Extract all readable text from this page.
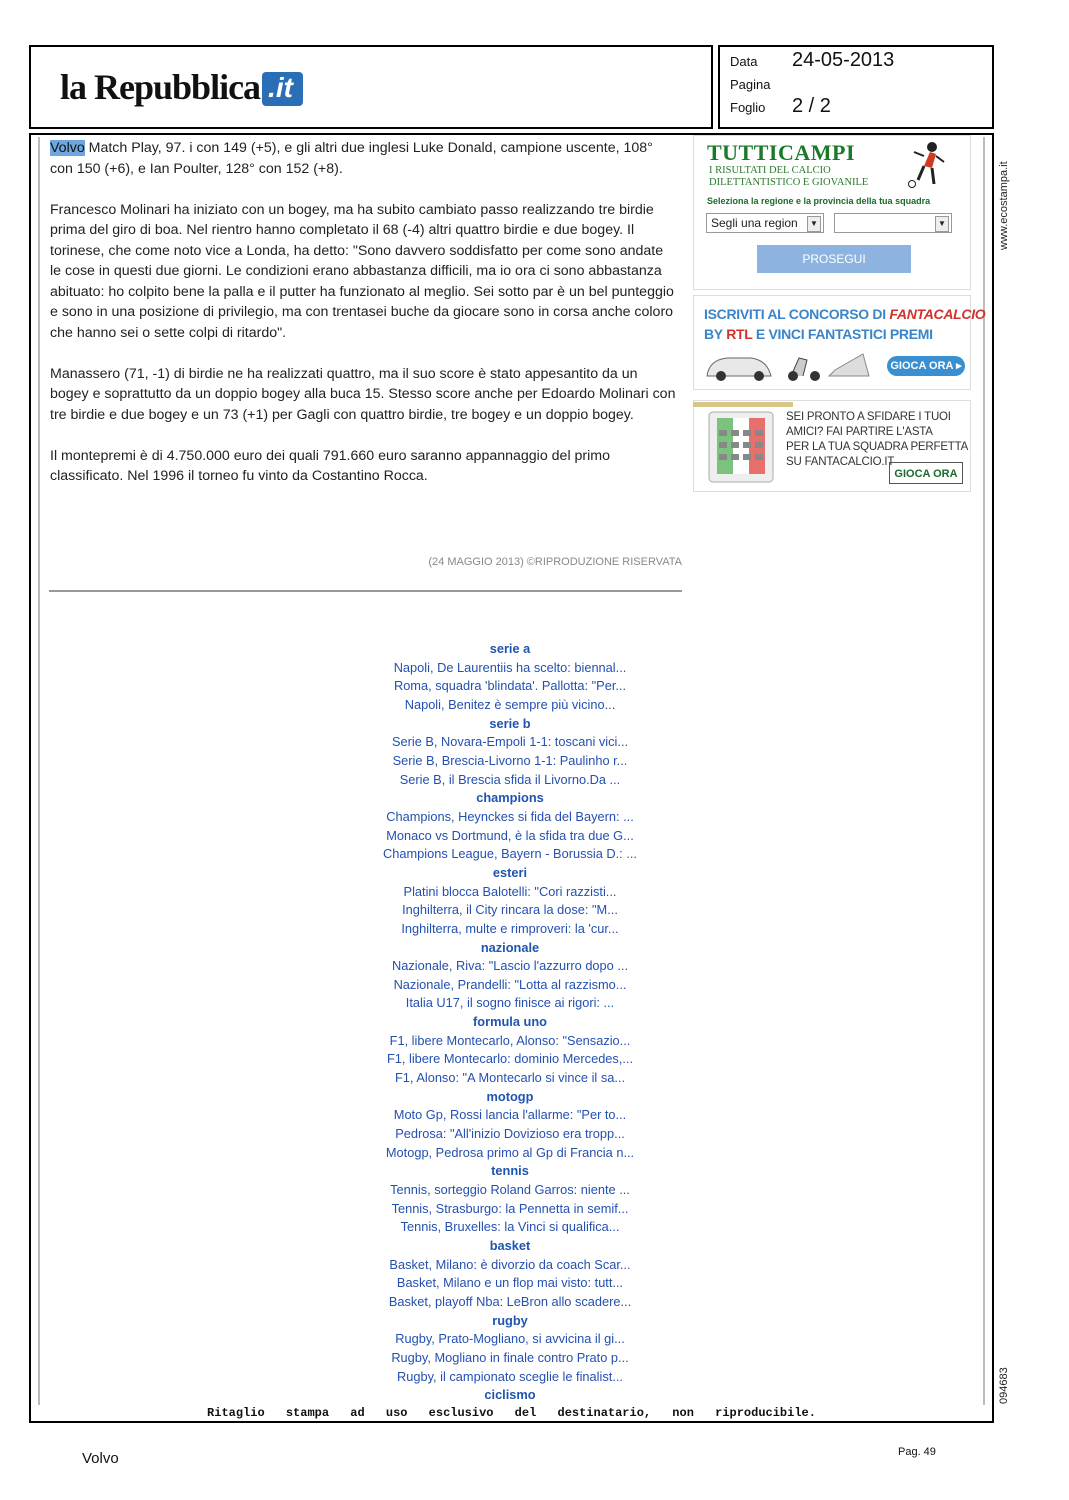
la Repubblica .it
Data 24-05-2013
Pagina
Foglio 2 / 2

Volvo Match Play, 97. i con 149 (+5), e gli altri due inglesi Luke Donald, campione uscente, 108° con 150 (+6), e Ian Poulter, 128° con 152 (+8).

Francesco Molinari ha iniziato con un bogey, ma ha subito cambiato passo realizzando tre birdie prima del giro di boa. Nel rientro hanno completato il 68 (-4) altri quattro birdie e due bogey. Il torinese, che come noto vice a Londa, ha detto: "Sono davvero soddisfatto per come sono andate le cose in questi due giorni. Le condizioni erano abbastanza difficili, ma io ora ci sono abbastanza abituato: ho colpito bene la palla e il putter ha funzionato al meglio. Sei sotto par è un bel punteggio e sono in una posizione di privilegio, ma con trentasei buche da giocare sono in corsa anche coloro che hanno sei o sette colpi di ritardo".

Manassero (71, -1) di birdie ne ha realizzati quattro, ma il suo score è stato appesantito da un bogey e soprattutto da un doppio bogey alla buca 15. Stesso score anche per Edoardo Molinari con tre birdie e due bogey e un 73 (+1) per Gagli con quattro birdie, tre bogey e un doppio bogey.

Il montepremi è di 4.750.000 euro dei quali 791.660 euro saranno appannaggio del primo classificato. Nel 1996 il torneo fu vinto da Costantino Rocca.

(24 MAGGIO 2013) ©RIPRODUZIONE RISERVATA
serie a
Napoli, De Laurentiis ha scelto: biennal...
Roma, squadra 'blindata'. Pallotta: "Per...
Napoli, Benitez è sempre più vicino...
serie b
Serie B, Novara-Empoli 1-1: toscani vici...
Serie B, Brescia-Livorno 1-1: Paulinho r...
Serie B, il Brescia sfida il Livorno.Da ...
champions
Champions, Heynckes si fida del Bayern: ...
Monaco vs Dortmund, è la sfida tra due G...
Champions League, Bayern - Borussia D.: ...
esteri
Platini blocca Balotelli: "Cori razzisti...
Inghilterra, il City rincara la dose: "M...
Inghilterra, multe e rimproveri: la 'cur...
nazionale
Nazionale, Riva: "Lascio l'azzurro dopo ...
Nazionale, Prandelli: "Lotta al razzismo...
Italia U17, il sogno finisce ai rigori: ...
formula uno
F1, libere Montecarlo, Alonso: "Sensazio...
F1, libere Montecarlo: dominio Mercedes,...
F1, Alonso: "A Montecarlo si vince il sa...
motogp
Moto Gp, Rossi lancia l'allarme: "Per to...
Pedrosa: "All'inizio Dovizioso era tropp...
Motogp, Pedrosa primo al Gp di Francia n...
tennis
Tennis, sorteggio Roland Garros: niente ...
Tennis, Strasburgo: la Pennetta in semif...
Tennis, Bruxelles: la Vinci si qualifica...
basket
Basket, Milano: è divorzio da coach Scar...
Basket, Milano e un flop mai visto: tutt...
Basket, playoff Nba: LeBron allo scadere...
rugby
Rugby, Prato-Mogliano, si avvicina il gi...
Rugby, Mogliano in finale contro Prato p...
Rugby, il campionato sceglie le finalist...
ciclismo
TUTTICAMPI
I RISULTATI DEL CALCIO
DILETTANTISTICO E GIOVANILE
Seleziona la regione e la provincia della tua squadra
Segli una region	▼	▼
PROSEGUI
ISCRIVITI AL CONCORSO DI FANTACALCIO
BY RTL E VINCI FANTASTICI PREMI
GIOCA ORA ▸
SEI PRONTO A SFIDARE I TUOI
AMICI? FAI PARTIRE L'ASTA
PER LA TUA SQUADRA PERFETTA
SU FANTACALCIO.IT
GIOCA ORA
www.ecostampa.it
094683
Ritaglio stampa ad uso esclusivo del destinatario, non riproducibile.
Volvo	Pag. 49
